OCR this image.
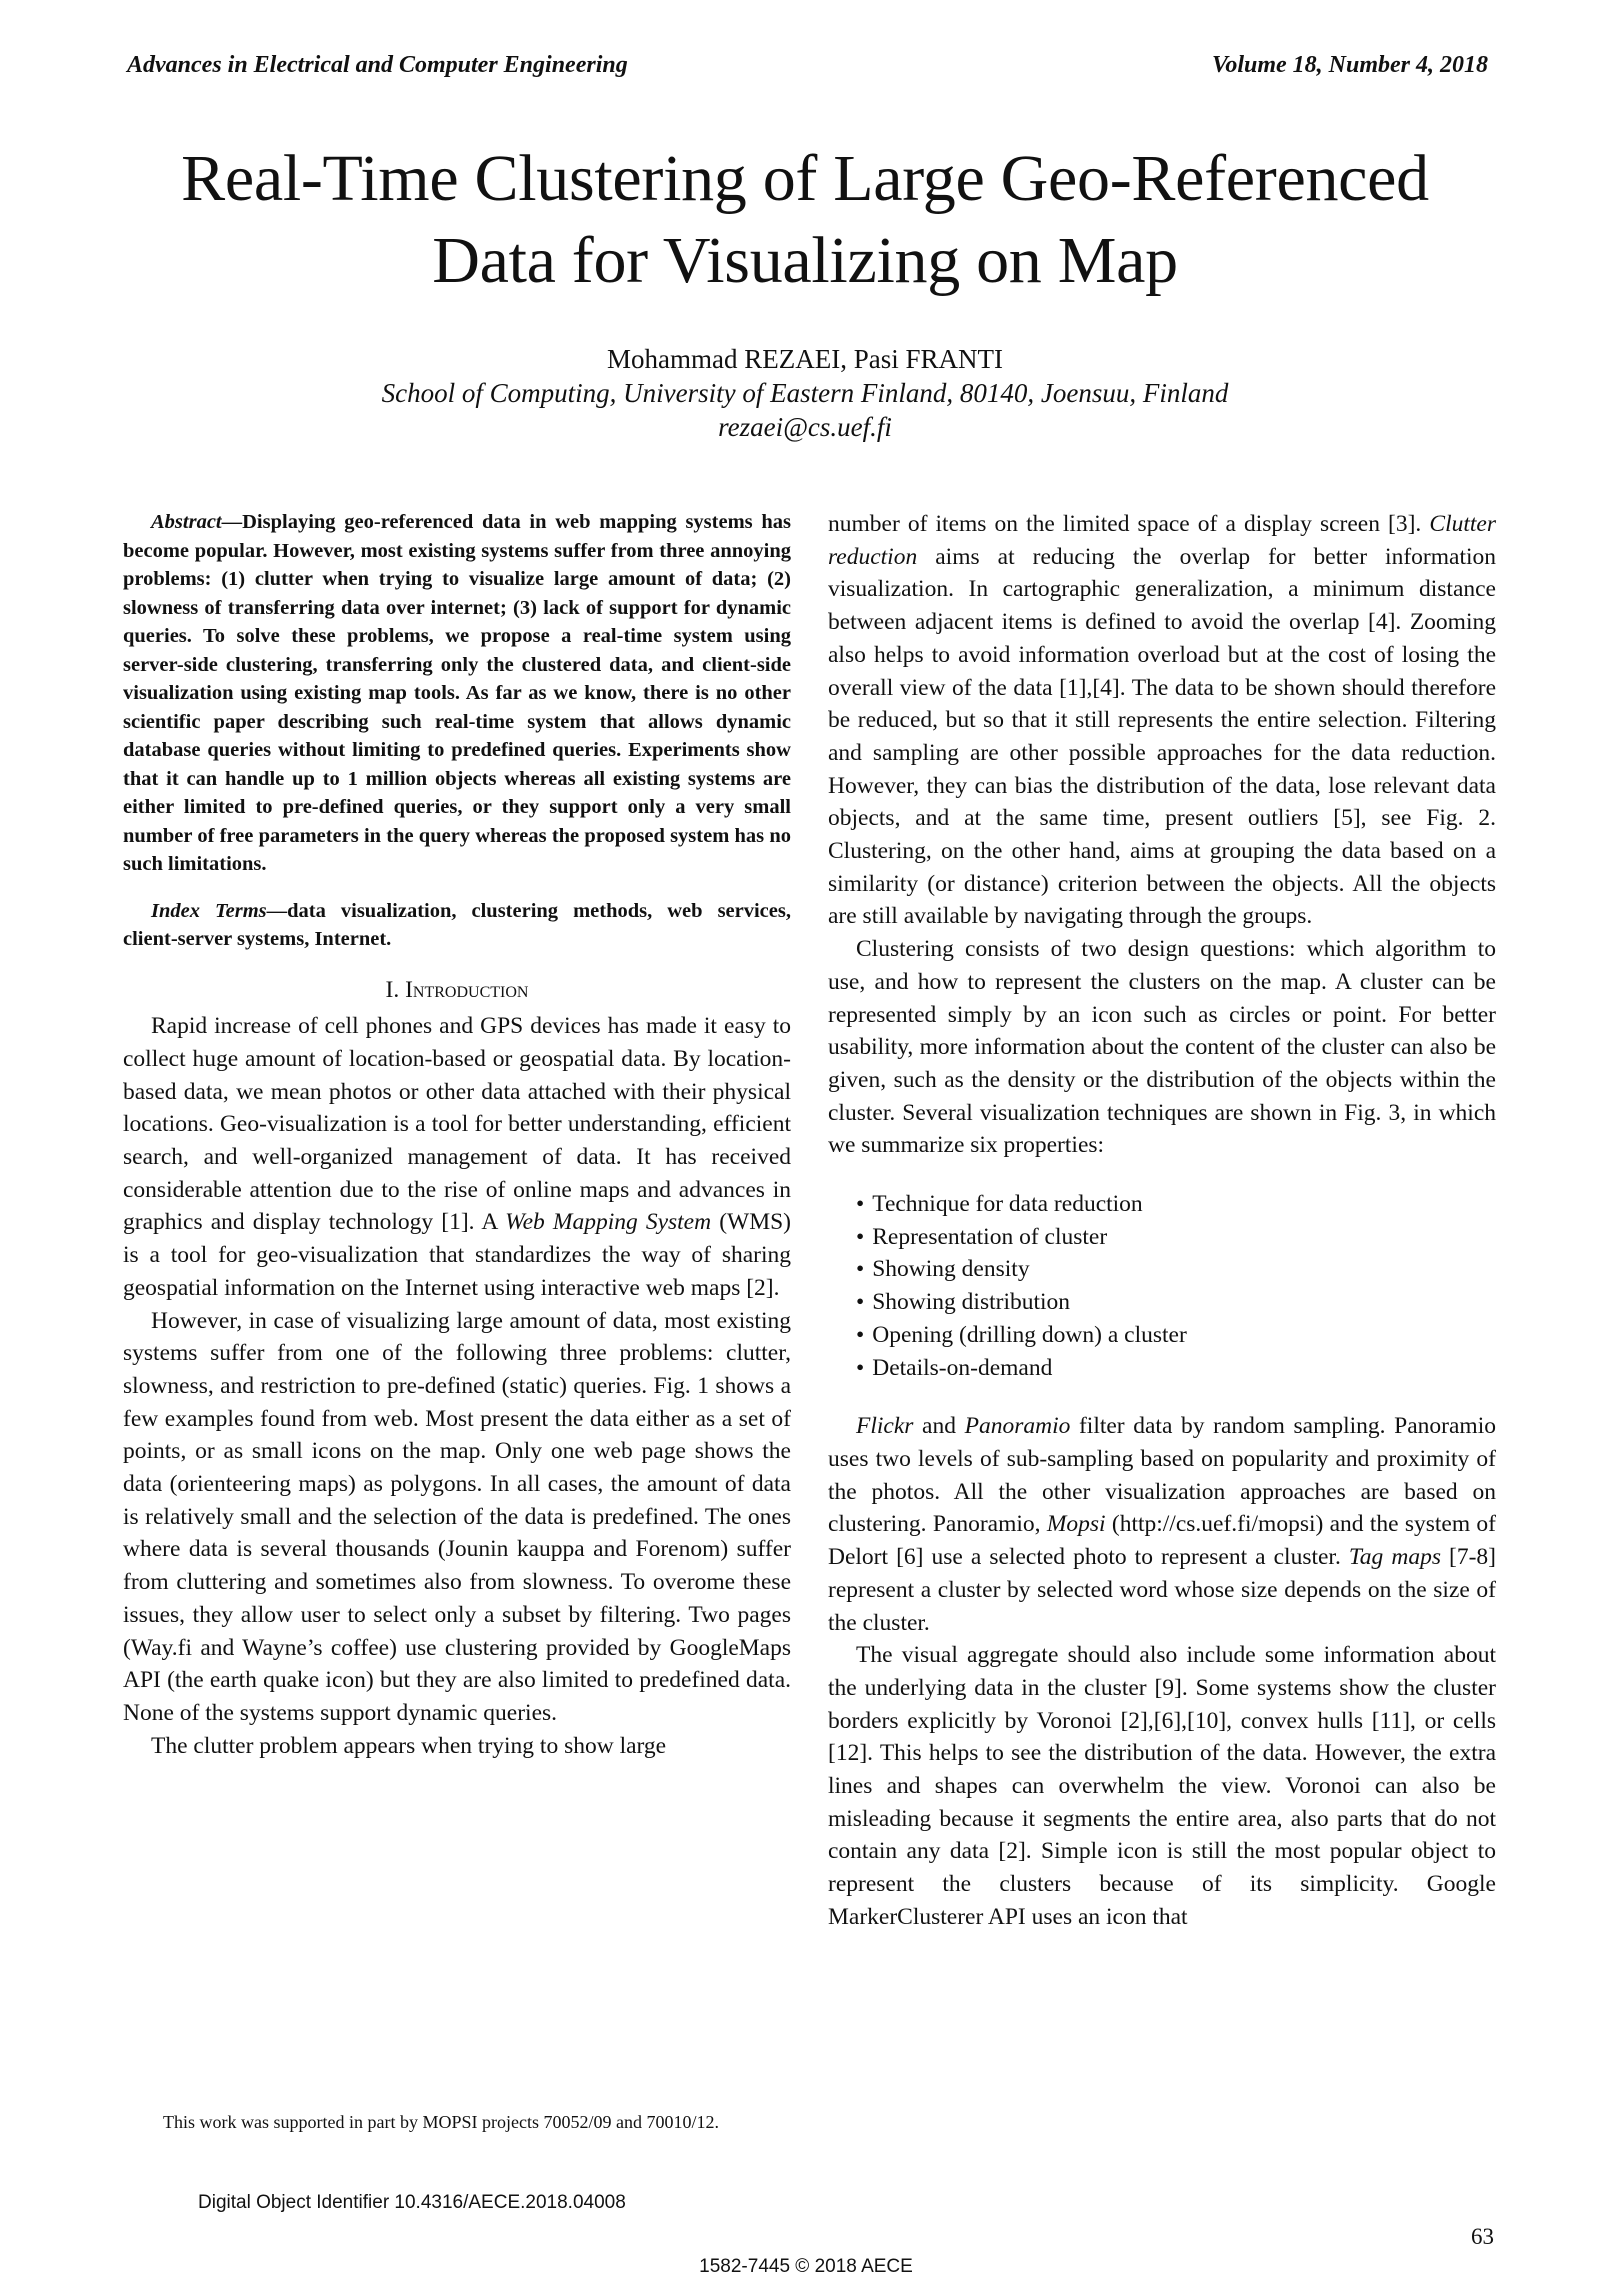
Advances in Electrical and Computer Engineering	Volume 18, Number 4, 2018
Real-Time Clustering of Large Geo-Referenced
Data for Visualizing on Map
Mohammad REZAEI, Pasi FRANTI
School of Computing, University of Eastern Finland, 80140, Joensuu, Finland
rezaei@cs.uef.fi

Abstract—Displaying geo-referenced data in web mapping systems has become popular. However, most existing systems suffer from three annoying problems: (1) clutter when trying to visualize large amount of data; (2) slowness of transferring data over internet; (3) lack of support for dynamic queries. To solve these problems, we propose a real-time system using server-side clustering, transferring only the clustered data, and client-side visualization using existing map tools. As far as we know, there is no other scientific paper describing such real-time system that allows dynamic database queries without limiting to predefined queries. Experiments show that it can handle up to 1 million objects whereas all existing systems are either limited to pre-defined queries, or they support only a very small number of free parameters in the query whereas the proposed system has no such limitations.

Index Terms—data visualization, clustering methods, web services, client-server systems, Internet.

I. Introduction

Rapid increase of cell phones and GPS devices has made it easy to collect huge amount of location-based or geospatial data. By location-based data, we mean photos or other data attached with their physical locations. Geo-visualization is a tool for better understanding, efficient search, and well-organized management of data. It has received considerable attention due to the rise of online maps and advances in graphics and display technology [1]. A Web Mapping System (WMS) is a tool for geo-visualization that standardizes the way of sharing geospatial information on the Internet using interactive web maps [2].

However, in case of visualizing large amount of data, most existing systems suffer from one of the following three problems: clutter, slowness, and restriction to pre-defined (static) queries. Fig. 1 shows a few examples found from web. Most present the data either as a set of points, or as small icons on the map. Only one web page shows the data (orienteering maps) as polygons. In all cases, the amount of data is relatively small and the selection of the data is predefined. The ones where data is several thousands (Jounin kauppa and Forenom) suffer from cluttering and sometimes also from slowness. To overome these issues, they allow user to select only a subset by filtering. Two pages (Way.fi and Wayne’s coffee) use clustering provided by GoogleMaps API (the earth quake icon) but they are also limited to predefined data. None of the systems support dynamic queries.

The clutter problem appears when trying to show large

number of items on the limited space of a display screen [3]. Clutter reduction aims at reducing the overlap for better information visualization. In cartographic generalization, a minimum distance between adjacent items is defined to avoid the overlap [4]. Zooming also helps to avoid information overload but at the cost of losing the overall view of the data [1],[4]. The data to be shown should therefore be reduced, but so that it still represents the entire selection. Filtering and sampling are other possible approaches for the data reduction. However, they can bias the distribution of the data, lose relevant data objects, and at the same time, present outliers [5], see Fig. 2. Clustering, on the other hand, aims at grouping the data based on a similarity (or distance) criterion between the objects. All the objects are still available by navigating through the groups.

Clustering consists of two design questions: which algorithm to use, and how to represent the clusters on the map. A cluster can be represented simply by an icon such as circles or point. For better usability, more information about the content of the cluster can also be given, such as the density or the distribution of the objects within the cluster. Several visualization techniques are shown in Fig. 3, in which we summarize six properties:

• Technique for data reduction
• Representation of cluster
• Showing density
• Showing distribution
• Opening (drilling down) a cluster
• Details-on-demand

Flickr and Panoramio filter data by random sampling. Panoramio uses two levels of sub-sampling based on popularity and proximity of the photos. All the other visualization approaches are based on clustering. Panoramio, Mopsi (http://cs.uef.fi/mopsi) and the system of Delort [6] use a selected photo to represent a cluster. Tag maps [7-8] represent a cluster by selected word whose size depends on the size of the cluster.

The visual aggregate should also include some information about the underlying data in the cluster [9]. Some systems show the cluster borders explicitly by Voronoi [2],[6],[10], convex hulls [11], or cells [12]. This helps to see the distribution of the data. However, the extra lines and shapes can overwhelm the view. Voronoi can also be misleading because it segments the entire area, also parts that do not contain any data [2]. Simple icon is still the most popular object to represent the clusters because of its simplicity. Google MarkerClusterer API uses an icon that

This work was supported in part by MOPSI projects 70052/09 and 70010/12.
Digital Object Identifier 10.4316/AECE.2018.04008
63
1582-7445 © 2018 AECE
